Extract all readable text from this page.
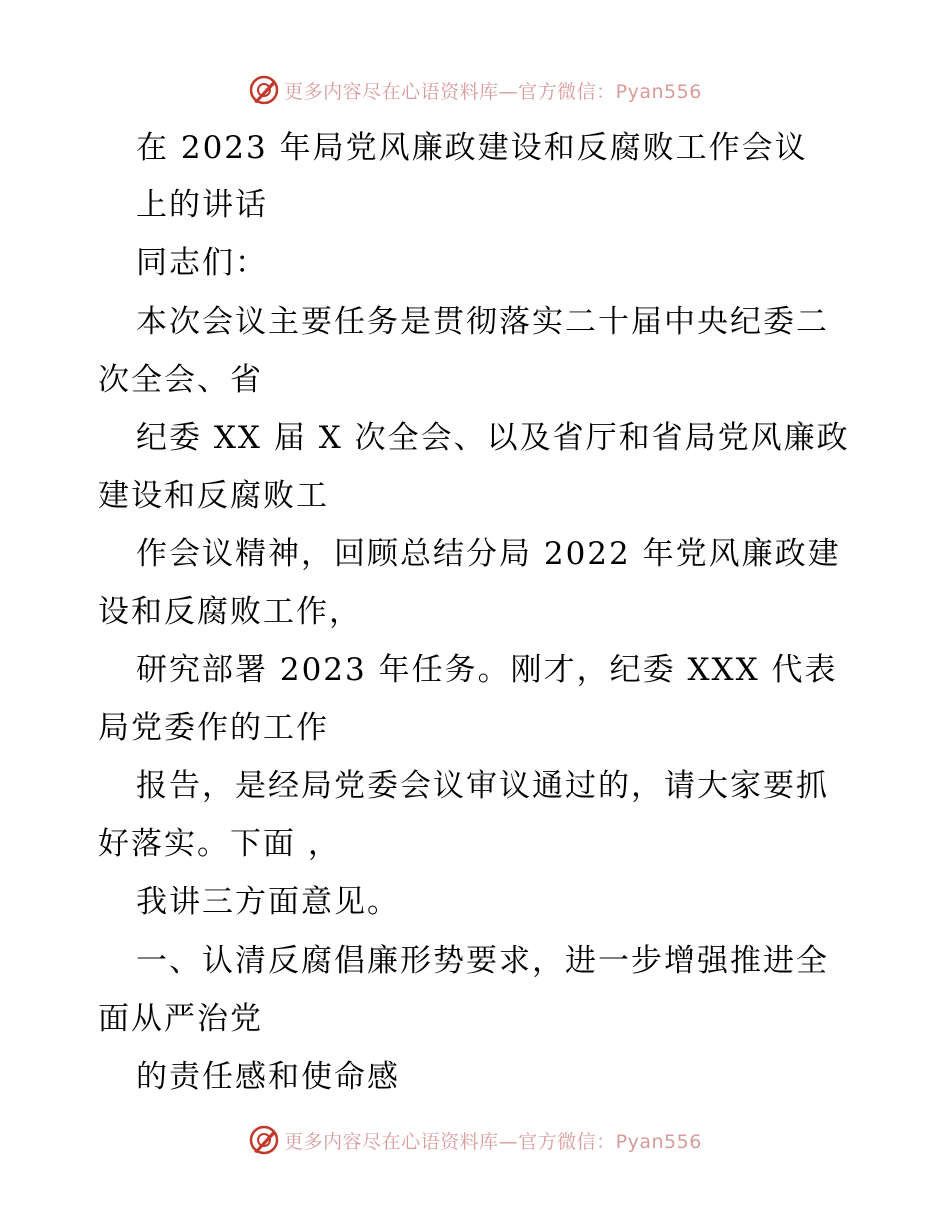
更多内容尽在心语资料库—官方微信：Pyan556
在 2023 年局党风廉政建设和反腐败工作会议
上的讲话
同志们：
本次会议主要任务是贯彻落实二十届中央纪委二
次全会、省
纪委 XX 届 X 次全会、以及省厅和省局党风廉政
建设和反腐败工
作会议精神，回顾总结分局 2022 年党风廉政建
设和反腐败工作，
研究部署 2023 年任务。刚才，纪委 XXX 代表
局党委作的工作
报告，是经局党委会议审议通过的，请大家要抓
好落实。下面 ，
我讲三方面意见。
一、认清反腐倡廉形势要求，进一步增强推进全
面从严治党
的责任感和使命感
更多内容尽在心语资料库—官方微信：Pyan556
